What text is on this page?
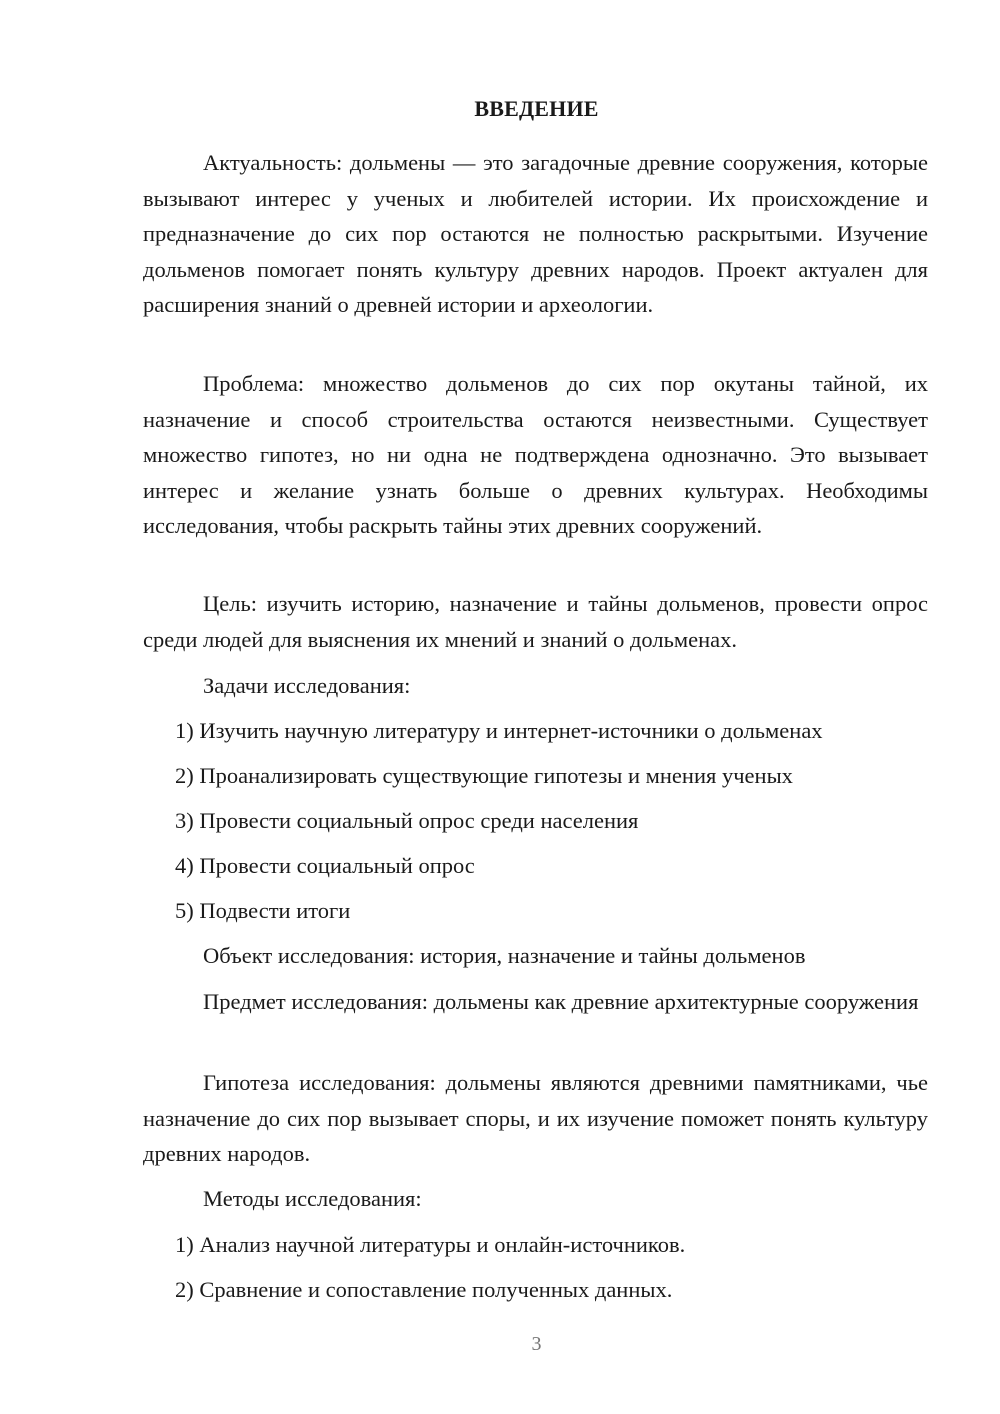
ВВЕДЕНИЕ

Актуальность: дольмены — это загадочные древние сооружения, которые вызывают интерес у ученых и любителей истории. Их происхождение и предназначение до сих пор остаются не полностью раскрытыми. Изучение дольменов помогает понять культуру древних народов. Проект актуален для расширения знаний о древней истории и археологии.

Проблема: множество дольменов до сих пор окутаны тайной, их назначение и способ строительства остаются неизвестными. Существует множество гипотез, но ни одна не подтверждена однозначно. Это вызывает интерес и желание узнать больше о древних культурах. Необходимы исследования, чтобы раскрыть тайны этих древних сооружений.

Цель: изучить историю, назначение и тайны дольменов, провести опрос среди людей для выяснения их мнений и знаний о дольменах.

Задачи исследования:

1) Изучить научную литературу и интернет-источники о дольменах

2) Проанализировать существующие гипотезы и мнения ученых

3) Провести социальный опрос среди населения

4) Провести социальный опрос

5) Подвести итоги

Объект исследования: история, назначение и тайны дольменов

Предмет исследования: дольмены как древние архитектурные сооружения

Гипотеза исследования: дольмены являются древними памятниками, чье назначение до сих пор вызывает споры, и их изучение поможет понять культуру древних народов.

Методы исследования:

1) Анализ научной литературы и онлайн-источников.

2) Сравнение и сопоставление полученных данных.

3
